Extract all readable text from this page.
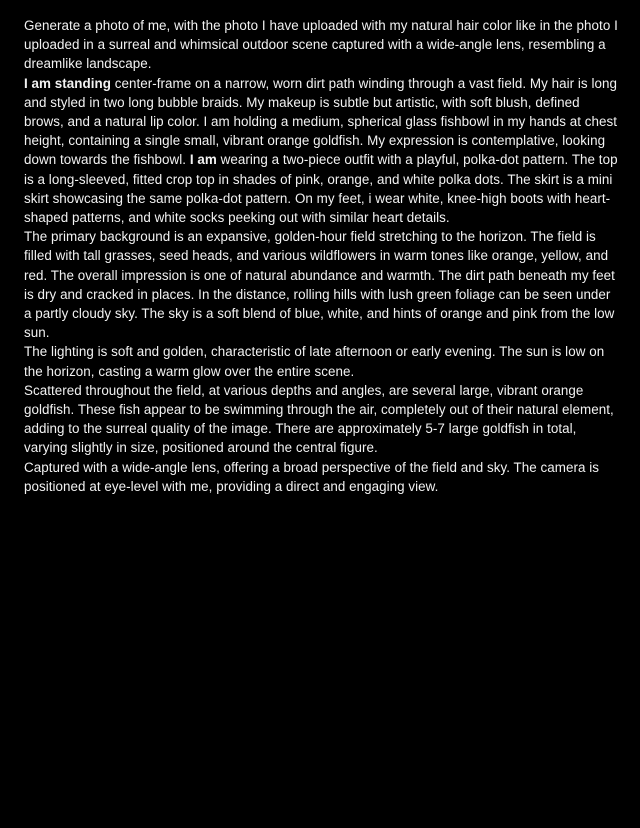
Generate a photo of me, with the photo I have uploaded with my natural hair color like in the photo I uploaded in a surreal and whimsical outdoor scene captured with a wide-angle lens, resembling a dreamlike landscape.

I am standing center-frame on a narrow, worn dirt path winding through a vast field. My hair is long and styled in two long bubble braids. My makeup is subtle but artistic, with soft blush, defined brows, and a natural lip color. I am holding a medium, spherical glass fishbowl in my hands at chest height, containing a single small, vibrant orange goldfish. My expression is contemplative, looking down towards the fishbowl. I am wearing a two-piece outfit with a playful, polka-dot pattern. The top is a long-sleeved, fitted crop top in shades of pink, orange, and white polka dots. The skirt is a mini skirt showcasing the same polka-dot pattern. On my feet, i wear white, knee-high boots with heart-shaped patterns, and white socks peeking out with similar heart details.

The primary background is an expansive, golden-hour field stretching to the horizon. The field is filled with tall grasses, seed heads, and various wildflowers in warm tones like orange, yellow, and red. The overall impression is one of natural abundance and warmth. The dirt path beneath my feet is dry and cracked in places. In the distance, rolling hills with lush green foliage can be seen under a partly cloudy sky. The sky is a soft blend of blue, white, and hints of orange and pink from the low sun.

The lighting is soft and golden, characteristic of late afternoon or early evening. The sun is low on the horizon, casting a warm glow over the entire scene.

Scattered throughout the field, at various depths and angles, are several large, vibrant orange goldfish. These fish appear to be swimming through the air, completely out of their natural element, adding to the surreal quality of the image. There are approximately 5-7 large goldfish in total, varying slightly in size, positioned around the central figure.

Captured with a wide-angle lens, offering a broad perspective of the field and sky. The camera is positioned at eye-level with me, providing a direct and engaging view.
